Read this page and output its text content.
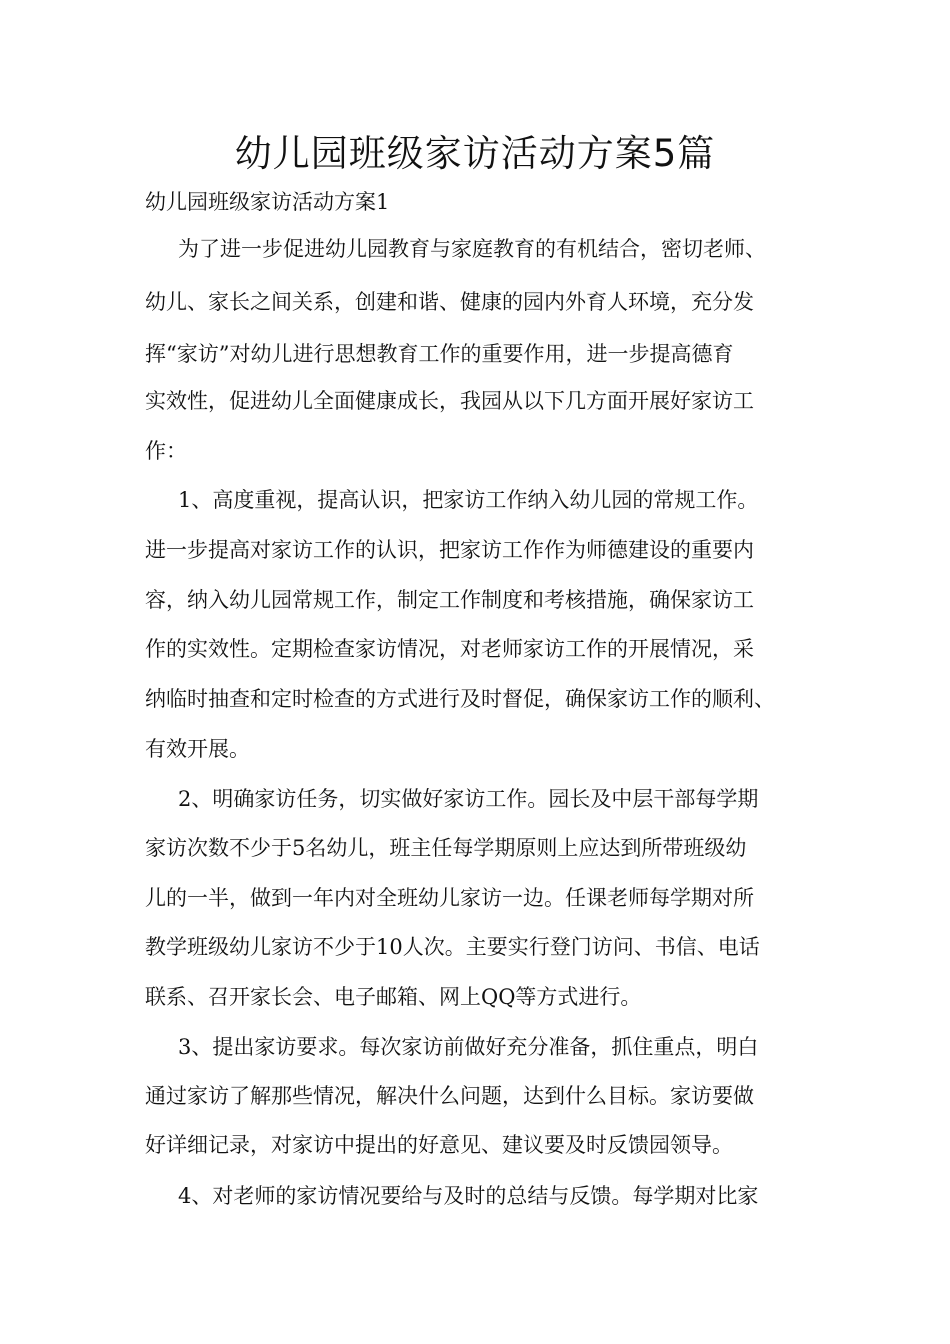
幼儿园班级家访活动方案5篇

幼儿园班级家访活动方案1

为了进一步促进幼儿园教育与家庭教育的有机结合，密切老师、

幼儿、家长之间关系，创建和谐、健康的园内外育人环境，充分发

挥“家访”对幼儿进行思想教育工作的重要作用，进一步提高德育

实效性，促进幼儿全面健康成长，我园从以下几方面开展好家访工

作：

1、高度重视，提高认识，把家访工作纳入幼儿园的常规工作。

进一步提高对家访工作的认识，把家访工作作为师德建设的重要内

容，纳入幼儿园常规工作，制定工作制度和考核措施，确保家访工

作的实效性。定期检查家访情况，对老师家访工作的开展情况，采

纳临时抽查和定时检查的方式进行及时督促，确保家访工作的顺利、

有效开展。

2、明确家访任务，切实做好家访工作。园长及中层干部每学期

家访次数不少于5名幼儿，班主任每学期原则上应达到所带班级幼

儿的一半，做到一年内对全班幼儿家访一边。任课老师每学期对所

教学班级幼儿家访不少于10人次。主要实行登门访问、书信、电话

联系、召开家长会、电子邮箱、网上QQ等方式进行。

3、提出家访要求。每次家访前做好充分准备，抓住重点，明白

通过家访了解那些情况，解决什么问题，达到什么目标。家访要做

好详细记录，对家访中提出的好意见、建议要及时反馈园领导。

4、对老师的家访情况要给与及时的总结与反馈。每学期对比家
